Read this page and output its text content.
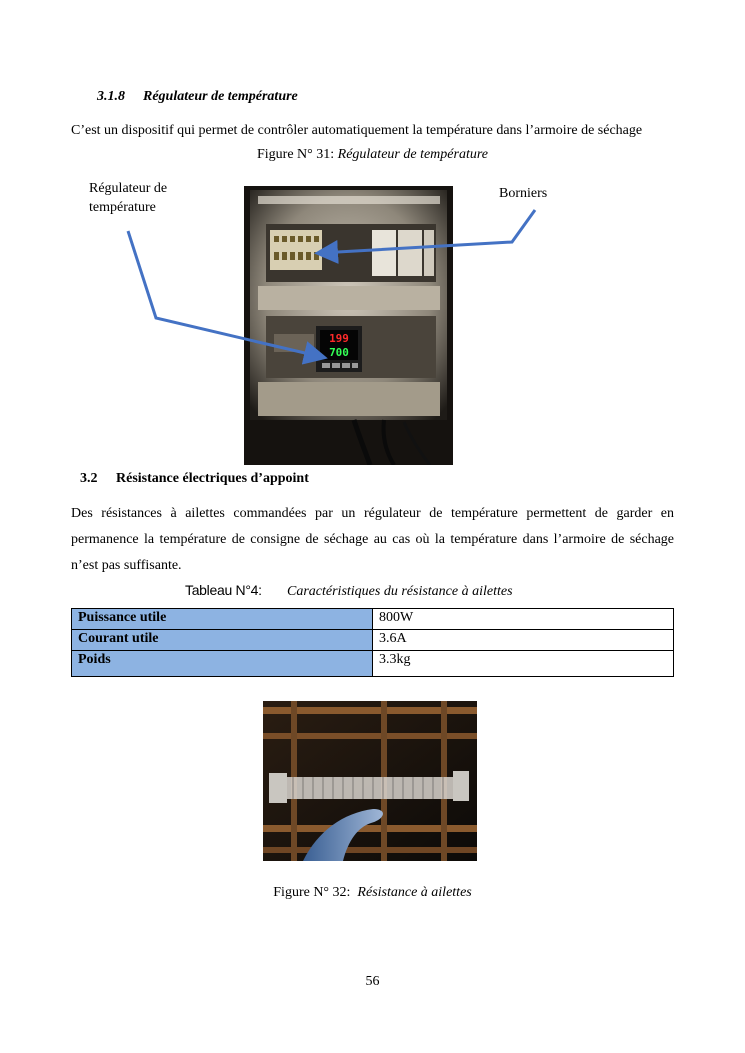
3.1.8 Régulateur de température
C’est un dispositif qui permet de contrôler automatiquement la température dans l’armoire de séchage
Figure N° 31: Régulateur de température
Régulateur de
température
Borniers
199
700
3.2 Résistance électriques d’appoint
Des résistances à ailettes commandées par un régulateur de température permettent de garder en
permanence la température de consigne de séchage au cas où la température dans l’armoire de séchage
n’est pas suffisante.
Tableau N°4: Caractéristiques du résistance à ailettes
Puissance utile	800W
Courant utile	3.6A
Poids	3.3kg
Figure N° 32:  Résistance à ailettes
56
